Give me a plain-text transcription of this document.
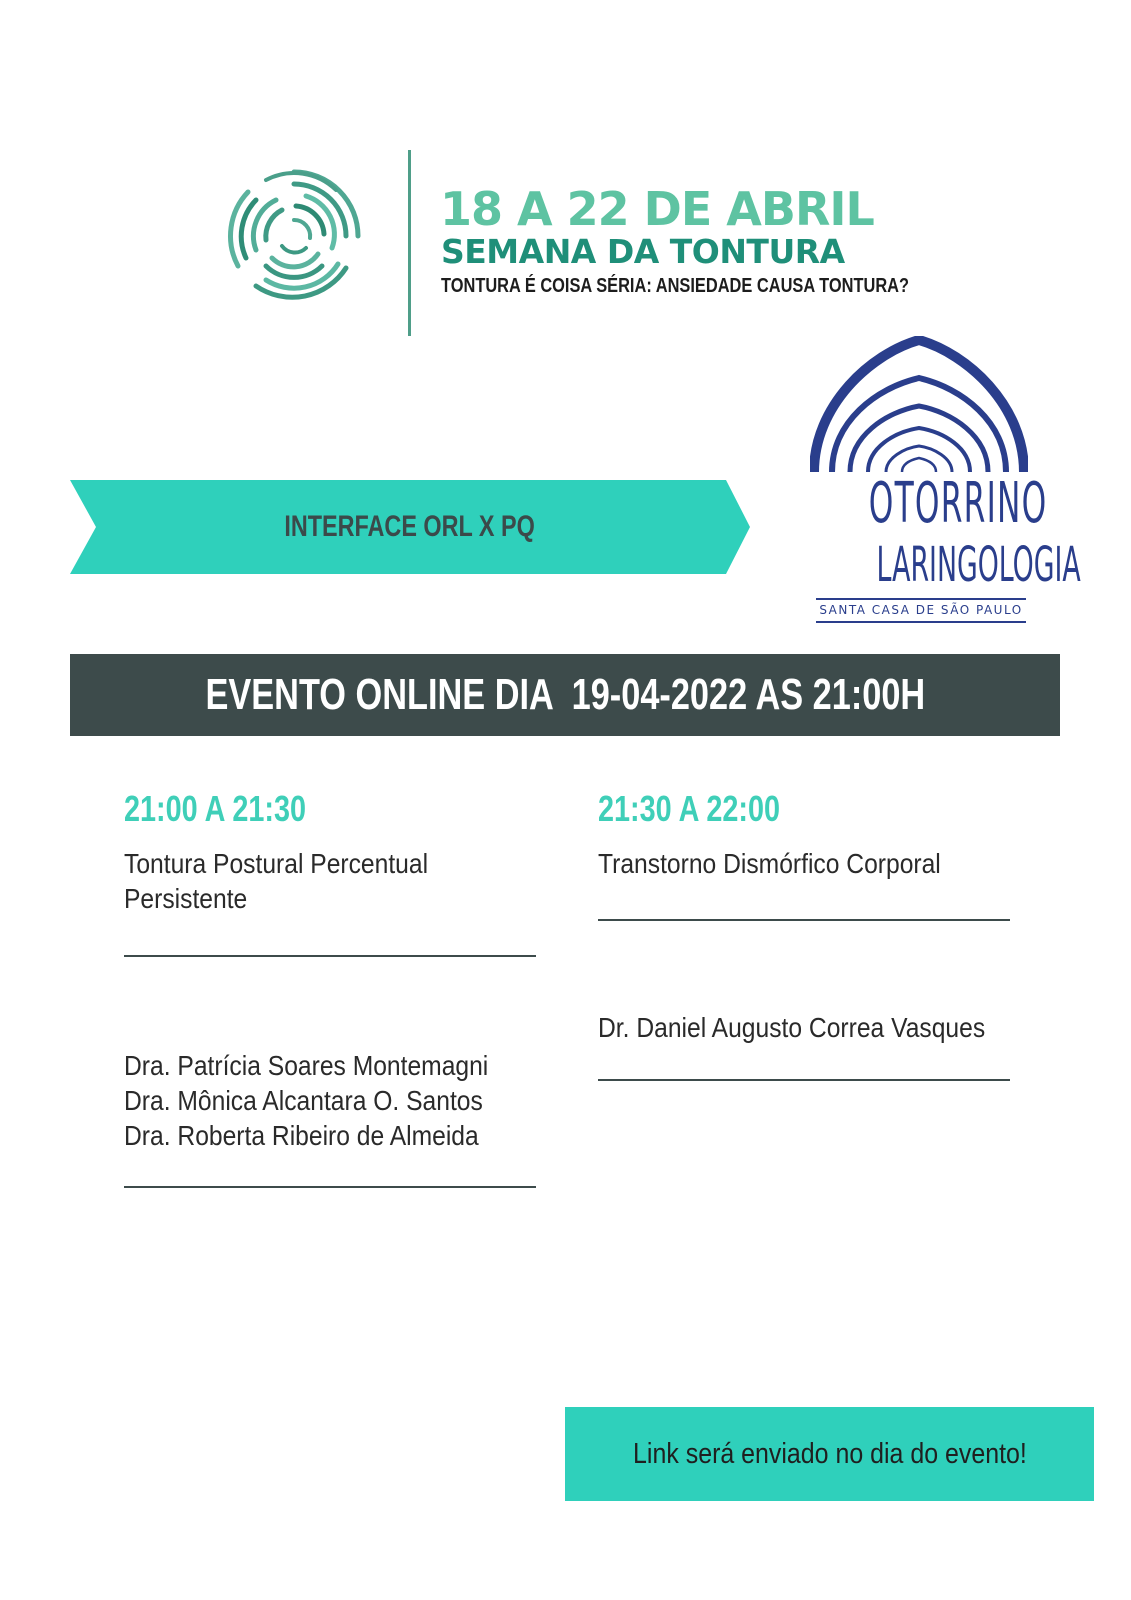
18 A 22 DE ABRIL
SEMANA DA TONTURA
TONTURA É COISA SÉRIA: ANSIEDADE CAUSA TONTURA?
INTERFACE ORL X PQ	OTORRINO
LARINGOLOGIA
SANTA CASA DE SÃO PAULO
EVENTO ONLINE DIA  19-04-2022 AS 21:00H
21:00 A 21:30
Tontura Postural Percentual
Persistente
Dra. Patrícia Soares Montemagni
Dra. Mônica Alcantara O. Santos
Dra. Roberta Ribeiro de Almeida
21:30 A 22:00
Transtorno Dismórfico Corporal
Dr. Daniel Augusto Correa Vasques
Link será enviado no dia do evento!
